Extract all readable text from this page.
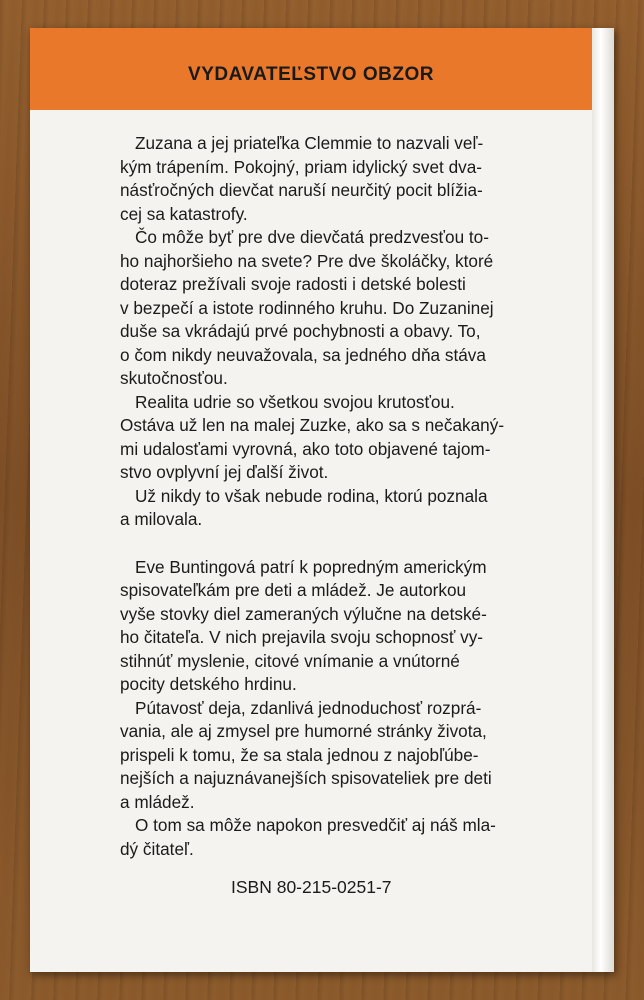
VYDAVATEĽSTVO OBZOR

Zuzana a jej priateľka Clemmie to nazvali veľ-

kým trápením. Pokojný, priam idylický svet dva-

násťročných dievčat naruší neurčitý pocit blížia-

cej sa katastrofy.

Čo môže byť pre dve dievčatá predzvesťou to-

ho najhoršieho na svete? Pre dve školáčky, ktoré

doteraz prežívali svoje radosti i detské bolesti

v bezpečí a istote rodinného kruhu. Do Zuzaninej

duše sa vkrádajú prvé pochybnosti a obavy. To,

o čom nikdy neuvažovala, sa jedného dňa stáva

skutočnosťou.

Realita udrie so všetkou svojou krutosťou.

Ostáva už len na malej Zuzke, ako sa s nečakaný-

mi udalosťami vyrovná, ako toto objavené tajom-

stvo ovplyvní jej ďalší život.

Už nikdy to však nebude rodina, ktorú poznala

a milovala.

Eve Buntingová patrí k popredným americkým

spisovateľkám pre deti a mládež. Je autorkou

vyše stovky diel zameraných výlučne na detské-

ho čitateľa. V nich prejavila svoju schopnosť vy-

stihnúť myslenie, citové vnímanie a vnútorné

pocity detského hrdinu.

Pútavosť deja, zdanlivá jednoduchosť rozprá-

vania, ale aj zmysel pre humorné stránky života,

prispeli k tomu, že sa stala jednou z najobľúbe-

nejších a najuznávanejších spisovateliek pre deti

a mládež.

O tom sa môže napokon presvedčiť aj náš mla-

dý čitateľ.

ISBN 80-215-0251-7
